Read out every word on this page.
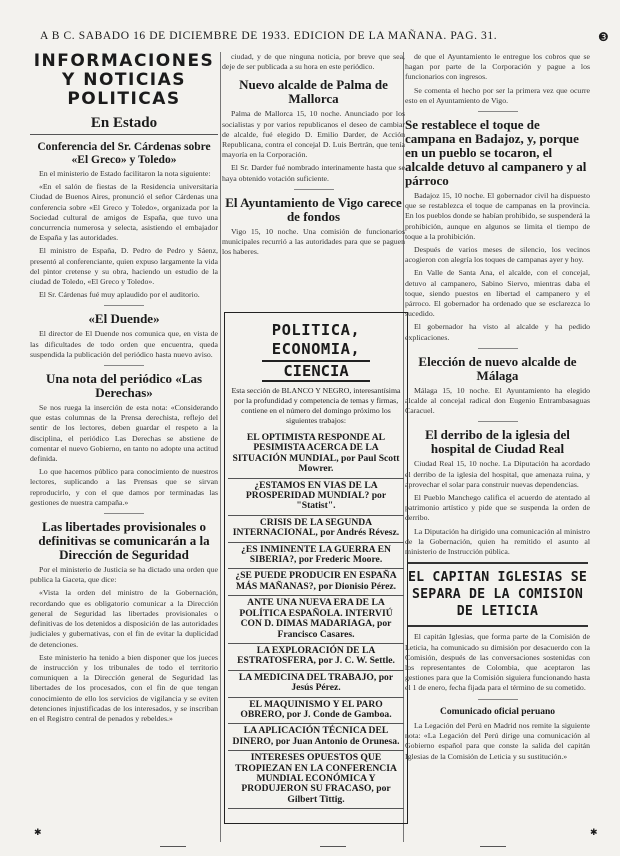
A B C. SABADO 16 DE DICIEMBRE DE 1933. EDICION DE LA MAÑANA. PAG. 31.	❸
INFORMACIONES Y NOTICIAS POLITICAS
En Estado
Conferencia del Sr. Cárdenas sobre «El Greco» y Toledo»

En el ministerio de Estado facilitaron la nota siguiente:

«En el salón de fiestas de la Residencia universitaria Ciudad de Buenos Aires, pronunció el señor Cárdenas una conferencia sobre «El Greco y Toledo», organizada por la Sociedad cultural de amigos de España, que tuvo una concurrencia numerosa y selecta, asistiendo el embajador de España y las autoridades.

El ministro de España, D. Pedro de Pedro y Sáenz, presentó al conferenciante, quien expuso largamente la vida del pintor cretense y su obra, haciendo un estudio de la ciudad de Toledo, «El Greco y Toledo».

El Sr. Cárdenas fué muy aplaudido por el auditorio.

«El Duende»

El director de El Duende nos comunica que, en vista de las dificultades de todo orden que encuentra, queda suspendida la publicación del periódico hasta nuevo aviso.

Una nota del periódico «Las Derechas»

Se nos ruega la inserción de esta nota: «Considerando que estas columnas de la Prensa derechista, reflejo del sentir de los lectores, deben guardar el respeto a la disciplina, el periódico Las Derechas se abstiene de comentar el nuevo Gobierno, en tanto no adopte una actitud definida.

Lo que hacemos público para conocimiento de nuestros lectores, suplicando a las Prensas que se sirvan reproducirlo, y con el que damos por terminadas las gestiones de nuestra campaña.»

Las libertades provisionales o definitivas se comunicarán a la Dirección de Seguridad

Por el ministerio de Justicia se ha dictado una orden que publica la Gaceta, que dice:

«Vista la orden del ministro de la Gobernación, recordando que es obligatorio comunicar a la Dirección general de Seguridad las libertades provisionales o definitivas de los detenidos a disposición de las autoridades judiciales y gubernativas, con el fin de evitar la duplicidad de detenciones.

Este ministerio ha tenido a bien disponer que los jueces de instrucción y los tribunales de todo el territorio comuniquen a la Dirección general de Seguridad las libertades de los procesados, con el fin de que tengan conocimiento de ello los servicios de vigilancia y se eviten detenciones injustificadas de los interesados, y se inscriban en el Registro central de penados y rebeldes.»

ciudad, y de que ninguna noticia, por breve que sea, deje de ser publicada a su hora en este periódico.

Nuevo alcalde de Palma de Mallorca

Palma de Mallorca 15, 10 noche. Anunciado por los socialistas y por varios republicanos el deseo de cambiar de alcalde, fué elegido D. Emilio Darder, de Acción Republicana, contra el concejal D. Luis Bertrán, que tenía mayoría en la Corporación.

El Sr. Darder fué nombrado interinamente hasta que se haya obtenido votación suficiente.

El Ayuntamiento de Vigo carece de fondos

Vigo 15, 10 noche. Una comisión de funcionarios municipales recurrió a las autoridades para que se paguen los haberes.

POLITICA, ECONOMIA,
CIENCIA
Esta sección de BLANCO Y NEGRO, interesantísima por la profundidad y competencia de temas y firmas, contiene en el número del domingo próximo los siguientes trabajos:
EL OPTIMISTA RESPONDE AL PESIMISTA ACERCA DE LA SITUACIÓN MUNDIAL, por Paul Scott Mowrer.
¿ESTAMOS EN VIAS DE LA PROSPERIDAD MUNDIAL? por "Statist".
CRISIS DE LA SEGUNDA INTERNACIONAL, por Andrés Révesz.
¿ES INMINENTE LA GUERRA EN SIBERIA?, por Frederic Moore.
¿SE PUEDE PRODUCIR EN ESPAÑA MÁS MAÑANAS?, por Dionisio Pérez.
ANTE UNA NUEVA ERA DE LA POLÍTICA ESPAÑOLA. INTERVIÚ CON D. DIMAS MADARIAGA, por Francisco Casares.
LA EXPLORACIÓN DE LA ESTRATOSFERA, por J. C. W. Settle.
LA MEDICINA DEL TRABAJO, por Jesús Pérez.
EL MAQUINISMO Y EL PARO OBRERO, por J. Conde de Gamboa.
LA APLICACIÓN TÉCNICA DEL DINERO, por Juan Antonio de Orunesa.
INTERESES OPUESTOS QUE TROPIEZAN EN LA CONFERENCIA MUNDIAL ECONÓMICA Y PRODUJERON SU FRACASO, por Gilbert Tittig.

de que el Ayuntamiento le entregue los cobros que se hagan por parte de la Corporación y pague a los funcionarios con ingresos.

Se comenta el hecho por ser la primera vez que ocurre esto en el Ayuntamiento de Vigo.

Se restablece el toque de campana en Badajoz, y, porque en un pueblo se tocaron, el alcalde detuvo al campanero y al párroco

Badajoz 15, 10 noche. El gobernador civil ha dispuesto que se restablezca el toque de campanas en la provincia. En los pueblos donde se habían prohibido, se suspenderá la prohibición, aunque en algunos se limita el tiempo de toque a la prohibición.

Después de varios meses de silencio, los vecinos acogieron con alegría los toques de campanas ayer y hoy.

En Valle de Santa Ana, el alcalde, con el concejal, detuvo al campanero, Sabino Siervo, mientras daba el toque, siendo puestos en libertad el campanero y el párroco. El gobernador ha ordenado que se esclarezca lo sucedido.

El gobernador ha visto al alcalde y ha pedido explicaciones.

Elección de nuevo alcalde de Málaga

Málaga 15, 10 noche. El Ayuntamiento ha elegido alcalde al concejal radical don Eugenio Entrambasaguas Caracuel.

El derribo de la iglesia del hospital de Ciudad Real

Ciudad Real 15, 10 noche. La Diputación ha acordado el derribo de la iglesia del hospital, que amenaza ruina, y aprovechar el solar para construir nuevas dependencias.

El Pueblo Manchego califica el acuerdo de atentado al patrimonio artístico y pide que se suspenda la orden de derribo.

La Diputación ha dirigido una comunicación al ministro de la Gobernación, quien ha remitido el asunto al ministerio de Instrucción pública.

EL CAPITAN IGLESIAS SE SEPARA DE LA COMISION DE LETICIA

El capitán Iglesias, que forma parte de la Comisión de Leticia, ha comunicado su dimisión por desacuerdo con la Comisión, después de las conversaciones sostenidas con los representantes de Colombia, que aceptaron las gestiones para que la Comisión siguiera funcionando hasta el 1 de enero, fecha fijada para el término de su cometido.

Comunicado oficial peruano

La Legación del Perú en Madrid nos remite la siguiente nota: «La Legación del Perú dirige una comunicación al Gobierno español para que conste la salida del capitán Iglesias de la Comisión de Leticia y su sustitución.»

✱	✱
